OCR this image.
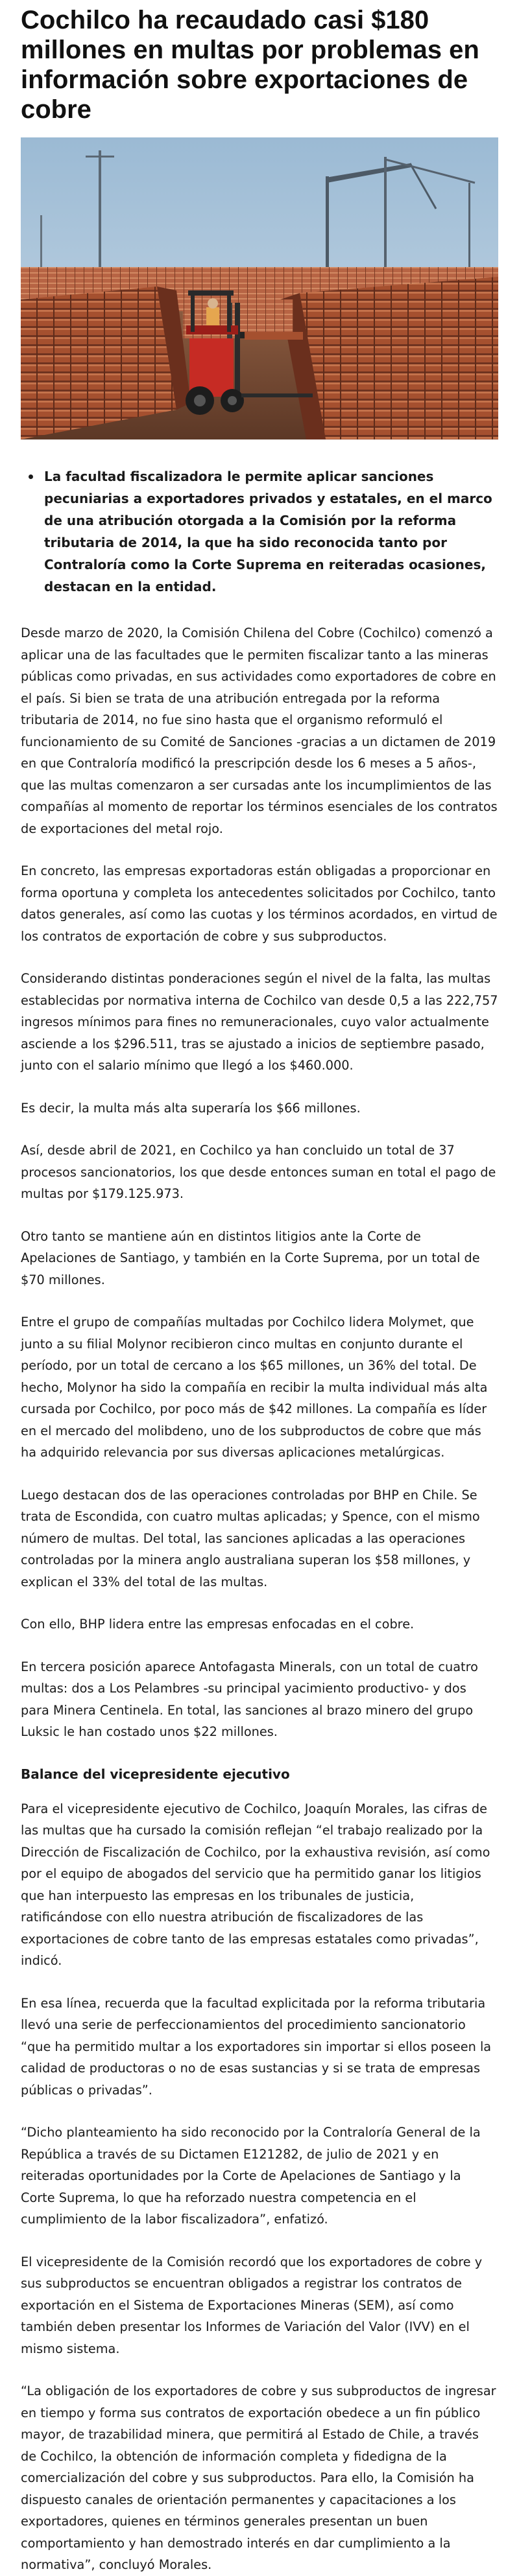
Cochilco ha recaudado casi $180 millones en multas por problemas en información sobre exportaciones de cobre
La facultad fiscalizadora le permite aplicar sanciones pecuniarias a exportadores privados y estatales, en el marco de una atribución otorgada a la Comisión por la reforma tributaria de 2014, la que ha sido reconocida tanto por Contraloría como la Corte Suprema en reiteradas ocasiones, destacan en la entidad.

Desde marzo de 2020, la Comisión Chilena del Cobre (Cochilco) comenzó a aplicar una de las facultades que le permiten fiscalizar tanto a las mineras públicas como privadas, en sus actividades como exportadores de cobre en el país. Si bien se trata de una atribución entregada por la reforma tributaria de 2014, no fue sino hasta que el organismo reformuló el funcionamiento de su Comité de Sanciones -gracias a un dictamen de 2019 en que Contraloría modificó la prescripción desde los 6 meses a 5 años-, que las multas comenzaron a ser cursadas ante los incumplimientos de las compañías al momento de reportar los términos esenciales de los contratos de exportaciones del metal rojo.

En concreto, las empresas exportadoras están obligadas a proporcionar en forma oportuna y completa los antecedentes solicitados por Cochilco, tanto datos generales, así como las cuotas y los términos acordados, en virtud de los contratos de exportación de cobre y sus subproductos.

Considerando distintas ponderaciones según el nivel de la falta, las multas establecidas por normativa interna de Cochilco van desde 0,5 a las 222,757 ingresos mínimos para fines no remuneracionales, cuyo valor actualmente asciende a los $296.511, tras se ajustado a inicios de septiembre pasado, junto con el salario mínimo que llegó a los $460.000.

Es decir, la multa más alta superaría los $66 millones.

Así, desde abril de 2021, en Cochilco ya han concluido un total de 37 procesos sancionatorios, los que desde entonces suman en total el pago de multas por $179.125.973.

Otro tanto se mantiene aún en distintos litigios ante la Corte de Apelaciones de Santiago, y también en la Corte Suprema, por un total de $70 millones.

Entre el grupo de compañías multadas por Cochilco lidera Molymet, que junto a su filial Molynor recibieron cinco multas en conjunto durante el período, por un total de cercano a los $65 millones, un 36% del total. De hecho, Molynor ha sido la compañía en recibir la multa individual más alta cursada por Cochilco, por poco más de $42 millones. La compañía es líder en el mercado del molibdeno, uno de los subproductos de cobre que más ha adquirido relevancia por sus diversas aplicaciones metalúrgicas.

Luego destacan dos de las operaciones controladas por BHP en Chile. Se trata de Escondida, con cuatro multas aplicadas; y Spence, con el mismo número de multas. Del total, las sanciones aplicadas a las operaciones controladas por la minera anglo australiana superan los $58 millones, y explican el 33% del total de las multas.

Con ello, BHP lidera entre las empresas enfocadas en el cobre.

En tercera posición aparece Antofagasta Minerals, con un total de cuatro multas: dos a Los Pelambres -su principal yacimiento productivo- y dos para Minera Centinela. En total, las sanciones al brazo minero del grupo Luksic le han costado unos $22 millones.

Balance del vicepresidente ejecutivo

Para el vicepresidente ejecutivo de Cochilco, Joaquín Morales, las cifras de las multas que ha cursado la comisión reflejan “el trabajo realizado por la Dirección de Fiscalización de Cochilco, por la exhaustiva revisión, así como por el equipo de abogados del servicio que ha permitido ganar los litigios que han interpuesto las empresas en los tribunales de justicia, ratificándose con ello nuestra atribución de fiscalizadores de las exportaciones de cobre tanto de las empresas estatales como privadas”, indicó.

En esa línea, recuerda que la facultad explicitada por la reforma tributaria llevó una serie de perfeccionamientos del procedimiento sancionatorio “que ha permitido multar a los exportadores sin importar si ellos poseen la calidad de productoras o no de esas sustancias y si se trata de empresas públicas o privadas”.

“Dicho planteamiento ha sido reconocido por la Contraloría General de la República a través de su Dictamen E121282, de julio de 2021 y en reiteradas oportunidades por la Corte de Apelaciones de Santiago y la Corte Suprema, lo que ha reforzado nuestra competencia en el cumplimiento de la labor fiscalizadora”, enfatizó.

El vicepresidente de la Comisión recordó que los exportadores de cobre y sus subproductos se encuentran obligados a registrar los contratos de exportación en el Sistema de Exportaciones Mineras (SEM), así como también deben presentar los Informes de Variación del Valor (IVV) en el mismo sistema.

“La obligación de los exportadores de cobre y sus subproductos de ingresar en tiempo y forma sus contratos de exportación obedece a un fin público mayor, de trazabilidad minera, que permitirá al Estado de Chile, a través de Cochilco, la obtención de información completa y fidedigna de la comercialización del cobre y sus subproductos. Para ello, la Comisión ha dispuesto canales de orientación permanentes y capacitaciones a los exportadores, quienes en términos generales presentan un buen comportamiento y han demostrado interés en dar cumplimiento a la normativa”, concluyó Morales.
